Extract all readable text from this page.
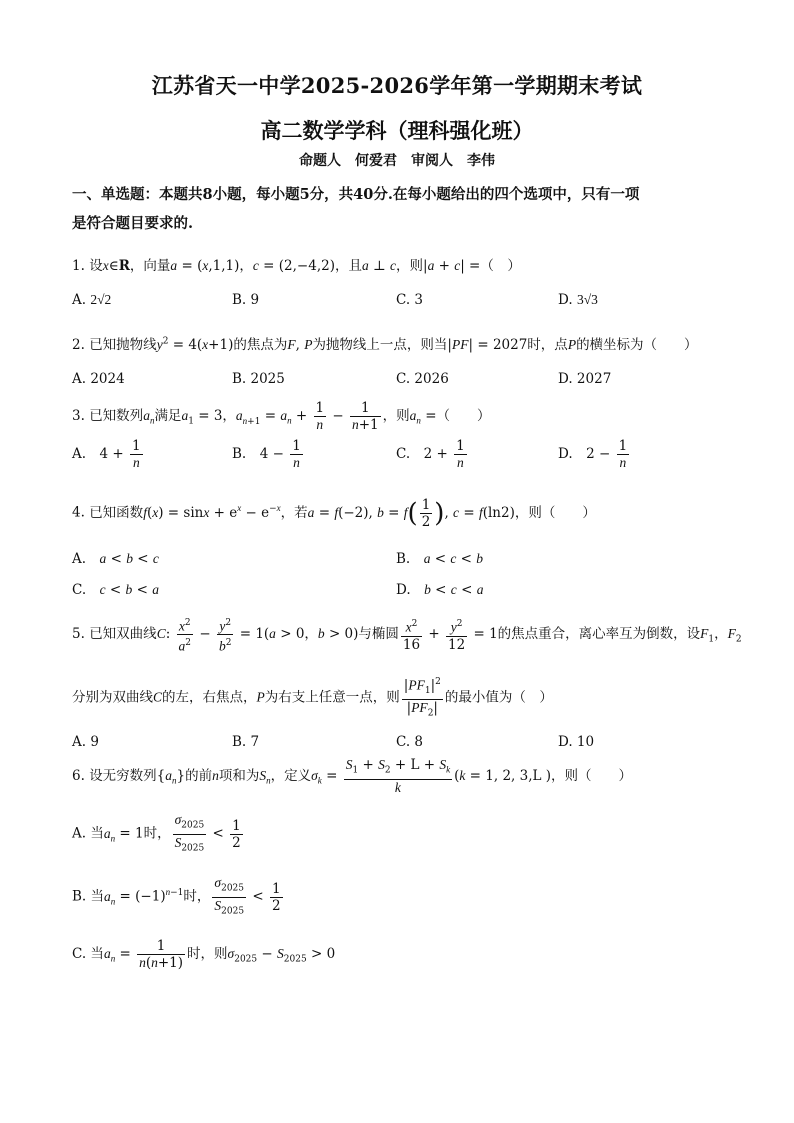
江苏省天一中学2025-2026学年第一学期期末考试
高二数学学科（理科强化班）
命题人　何爱君　审阅人　李伟
一、单选题：本题共8小题，每小题5分，共40分.在每小题给出的四个选项中，只有一项
是符合题目要求的.
1. 设x∈R，向量a = (x,1,1)，c = (2,−4,2)，且a ⊥ c，则|a + c| =（　）
A. 2√2	B. 9	C. 3	D. 3√3
2. 已知抛物线$y^2 = 4(x+1)$的焦点为F, P为抛物线上一点，则当|PF| = 2027时，点P的横坐标为（　　）
A. 2024	B. 2025	C. 2026	D. 2027
3. 已知数列$a_n$满足$a_1 = 3$，$a_{n+1} = a_n + \frac{1}{n} - \frac{1}{n+1}$ ，则$a_n$ =（　　）
A.　$4 + \frac{1}{n}$	B.　$4 - \frac{1}{n}$	C.　$2 + \frac{1}{n}$	D.　$2 - \frac{1}{n}$
4. 已知函数$f(x) = \sin x + e^x - e^{-x}$，若a = f(−2), $b = f( \frac{1}{2}$ ), c = f(ln2)，则（　　）
A.　a < b < c	B.　a < c < b
C.　c < b < a	D.　b < c < a
5. 已知双曲线C: $\frac{x^2}{a^2} - \frac{y^2}{b^2} = 1(a > 0$，b > 0)与椭圆 $\frac{x^2}{16} + \frac{y^2}{12} = 1$的焦点重合，离心率互为倒数，设$F_1$，$F_2$
分别为双曲线C的左，右焦点，P为右支上任意一点，则 $\frac{|PF_1|^2}{|PF_2|}$ 的最小值为（　）
A. 9	B. 7	C. 8	D. 10
6. 设无穷数列$\{a_n\}$的前n项和为$S_n$，定义$\sigma_k = \frac{S_1 + S_2 + L + S_k}{k} (k = 1$, 2, 3,L )，则（　　）
A. 当$a_n = 1$时， $\frac{\sigma_{2025}}{S_{2025}} < \frac{1}{2}$
B. 当$a_n = (-1)^{n-1}$时， $\frac{\sigma_{2025}}{S_{2025}} < \frac{1}{2}$
C. 当$a_n = \frac{1}{n(n+1)}$ 时，则$\sigma_{2025} - S_{2025} > 0$
